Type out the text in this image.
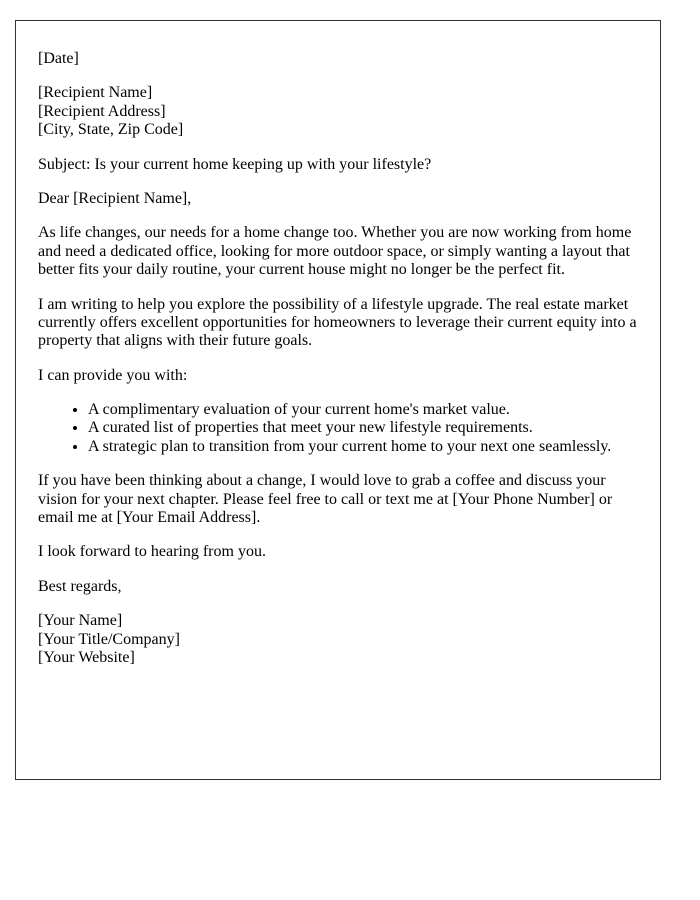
[Date]
[Recipient Name]
[Recipient Address]
[City, State, Zip Code]
Subject: Is your current home keeping up with your lifestyle?
Dear [Recipient Name],
As life changes, our needs for a home change too. Whether you are now working from home and need a dedicated office, looking for more outdoor space, or simply wanting a layout that better fits your daily routine, your current house might no longer be the perfect fit.
I am writing to help you explore the possibility of a lifestyle upgrade. The real estate market currently offers excellent opportunities for homeowners to leverage their current equity into a property that aligns with their future goals.
I can provide you with:
• A complimentary evaluation of your current home's market value.
• A curated list of properties that meet your new lifestyle requirements.
• A strategic plan to transition from your current home to your next one seamlessly.
If you have been thinking about a change, I would love to grab a coffee and discuss your vision for your next chapter. Please feel free to call or text me at [Your Phone Number] or email me at [Your Email Address].
I look forward to hearing from you.
Best regards,
[Your Name]
[Your Title/Company]
[Your Website]
